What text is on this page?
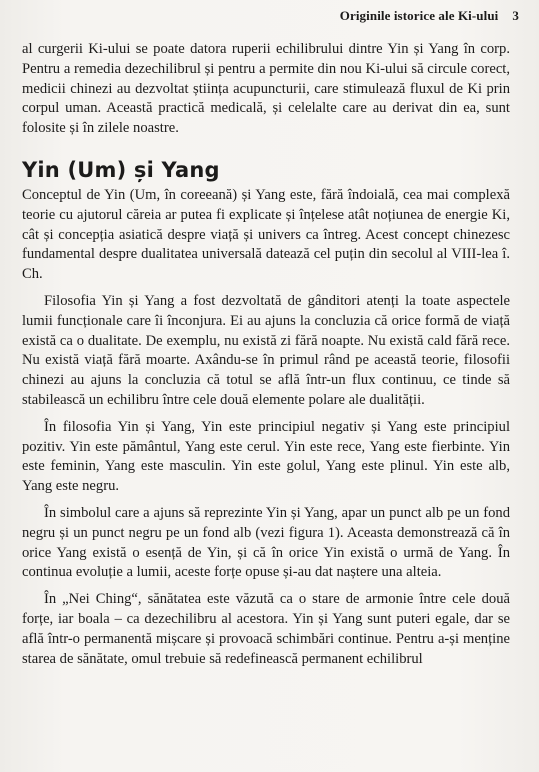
Originile istorice ale Ki-ului 3

al curgerii Ki-ului se poate datora ruperii echilibrului dintre Yin și Yang în corp. Pentru a remedia dezechilibrul și pentru a permite din nou Ki-ului să circule corect, medicii chinezi au dezvoltat știința acupuncturii, care stimulează fluxul de Ki prin corpul uman. Această practică medicală, și celelalte care au derivat din ea, sunt folosite și în zilele noastre.

Yin (Um) și Yang

Conceptul de Yin (Um, în coreeană) și Yang este, fără îndoială, cea mai complexă teorie cu ajutorul căreia ar putea fi explicate și înțelese atât noțiunea de energie Ki, cât și concepția asiatică despre viață și univers ca întreg. Acest concept chinezesc fundamental despre dualitatea universală datează cel puțin din secolul al VIII-lea î. Ch.

Filosofia Yin și Yang a fost dezvoltată de gânditori atenți la toate aspectele lumii funcționale care îi înconjura. Ei au ajuns la concluzia că orice formă de viață există ca o dualitate. De exemplu, nu există zi fără noapte. Nu există cald fără rece. Nu există viață fără moarte. Axându-se în primul rând pe această teorie, filosofii chinezi au ajuns la concluzia că totul se află într-un flux continuu, ce tinde să stabilească un echilibru între cele două elemente polare ale dualității.

În filosofia Yin și Yang, Yin este principiul negativ și Yang este principiul pozitiv. Yin este pământul, Yang este cerul. Yin este rece, Yang este fierbinte. Yin este feminin, Yang este masculin. Yin este golul, Yang este plinul. Yin este alb, Yang este negru.

În simbolul care a ajuns să reprezinte Yin și Yang, apar un punct alb pe un fond negru și un punct negru pe un fond alb (vezi figura 1). Aceasta demonstrează că în orice Yang există o esență de Yin, și că în orice Yin există o urmă de Yang. În continua evoluție a lumii, aceste forțe opuse și-au dat naștere una alteia.

În „Nei Ching“, sănătatea este văzută ca o stare de armonie între cele două forțe, iar boala – ca dezechilibru al acestora. Yin și Yang sunt puteri egale, dar se află într-o permanentă mișcare și provoacă schimbări continue. Pentru a-și menține starea de sănătate, omul trebuie să redefinească permanent echilibrul
